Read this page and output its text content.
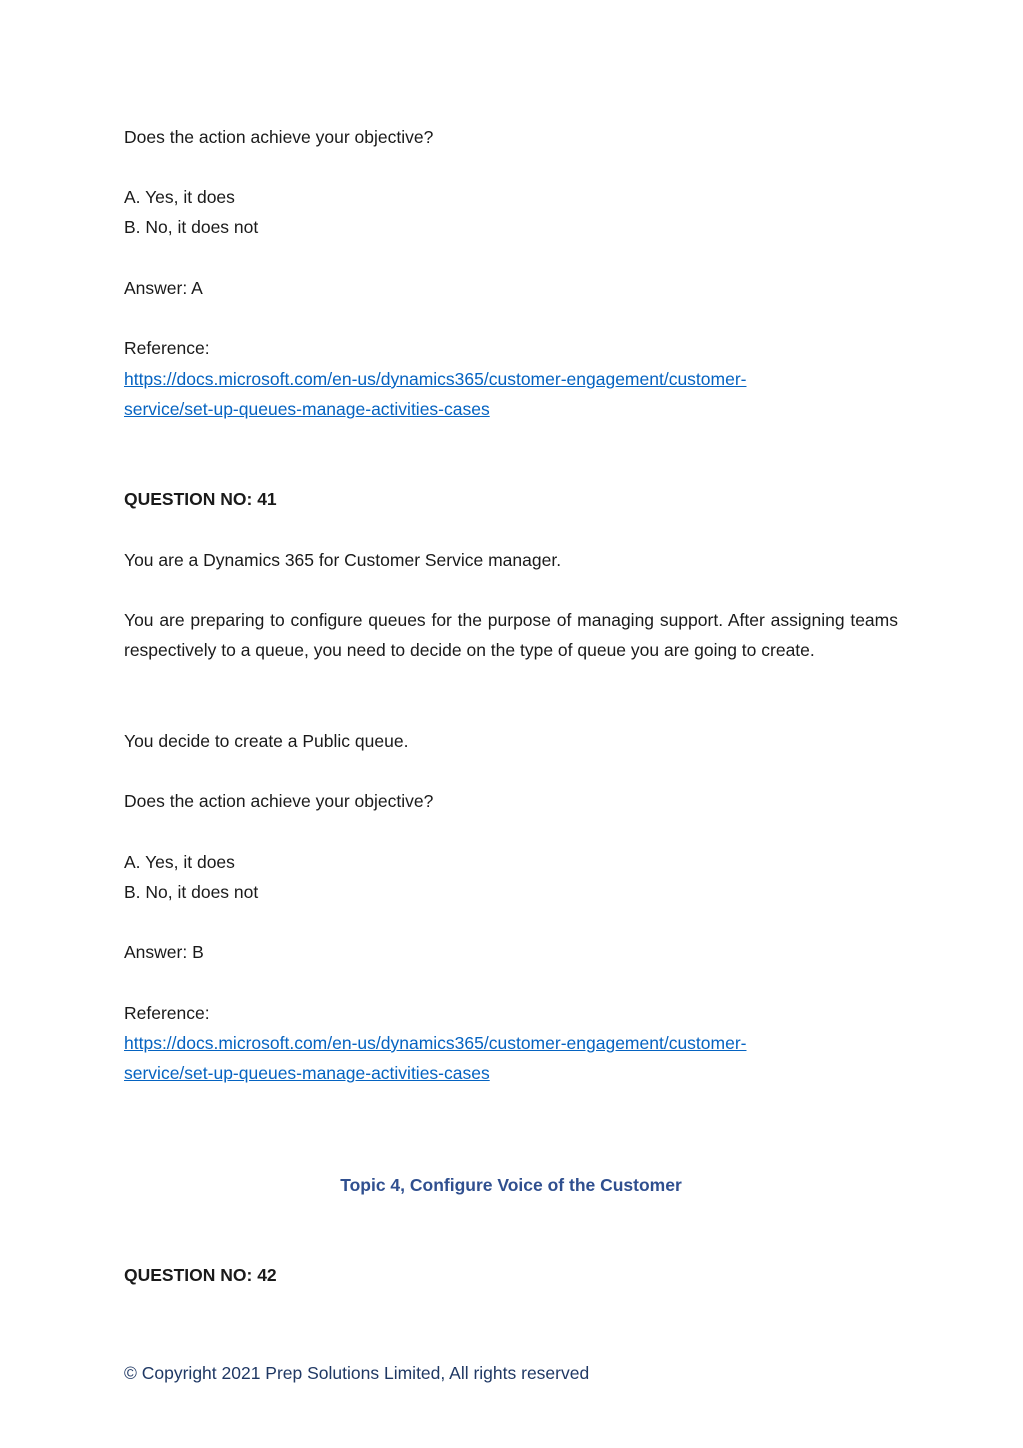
Does the action achieve your objective?

A. Yes, it does

B. No, it does not

Answer: A

Reference:

https://docs.microsoft.com/en-us/dynamics365/customer-engagement/customer-
service/set-up-queues-manage-activities-cases

QUESTION NO: 41

You are a Dynamics 365 for Customer Service manager.

You are preparing to configure queues for the purpose of managing support. After assigning teams respectively to a queue, you need to decide on the type of queue you are going to create.

You decide to create a Public queue.

Does the action achieve your objective?

A. Yes, it does

B. No, it does not

Answer: B

Reference:

https://docs.microsoft.com/en-us/dynamics365/customer-engagement/customer-
service/set-up-queues-manage-activities-cases
Topic 4, Configure Voice of the Customer

QUESTION NO: 42

© Copyright 2021 Prep Solutions Limited, All rights reserved
